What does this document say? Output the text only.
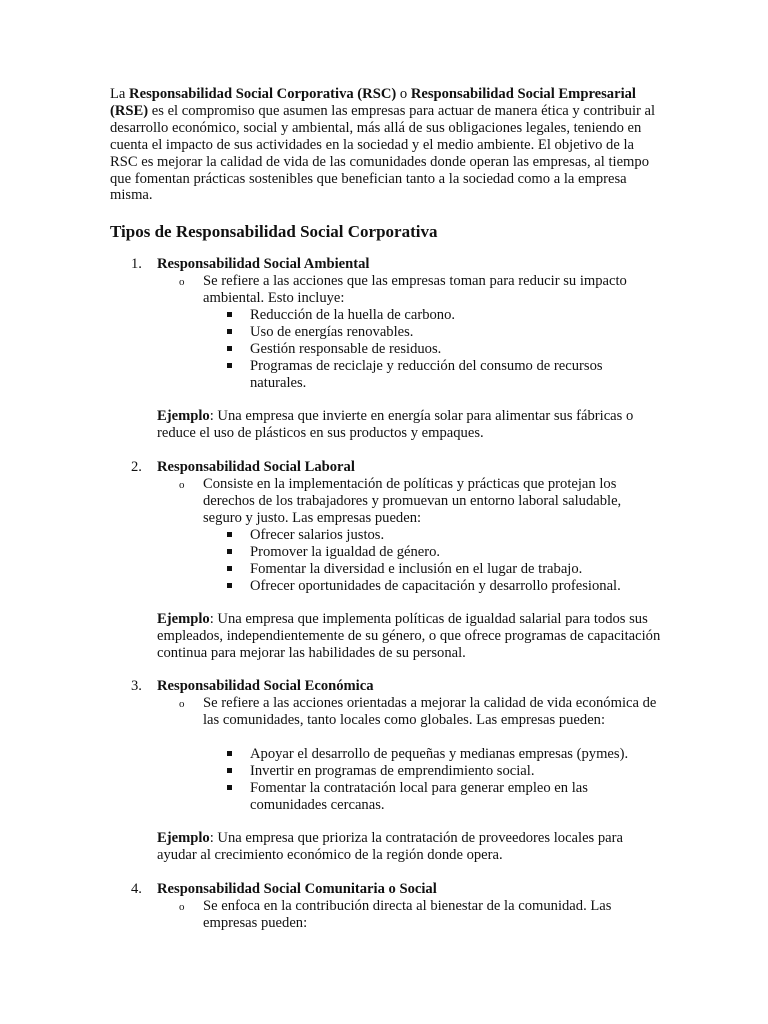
La Responsabilidad Social Corporativa (RSC) o Responsabilidad Social Empresarial (RSE) es el compromiso que asumen las empresas para actuar de manera ética y contribuir al desarrollo económico, social y ambiental, más allá de sus obligaciones legales, teniendo en cuenta el impacto de sus actividades en la sociedad y el medio ambiente. El objetivo de la RSC es mejorar la calidad de vida de las comunidades donde operan las empresas, al tiempo que fomentan prácticas sostenibles que benefician tanto a la sociedad como a la empresa misma.

Tipos de Responsabilidad Social Corporativa
1. Responsabilidad Social Ambiental
o Se refiere a las acciones que las empresas toman para reducir su impacto ambiental. Esto incluye:

Reducción de la huella de carbono.

Uso de energías renovables.

Gestión responsable de residuos.

Programas de reciclaje y reducción del consumo de recursos naturales.

Ejemplo: Una empresa que invierte en energía solar para alimentar sus fábricas o reduce el uso de plásticos en sus productos y empaques.

2. Responsabilidad Social Laboral
o Consiste en la implementación de políticas y prácticas que protejan los derechos de los trabajadores y promuevan un entorno laboral saludable, seguro y justo. Las empresas pueden:

Ofrecer salarios justos.

Promover la igualdad de género.

Fomentar la diversidad e inclusión en el lugar de trabajo.

Ofrecer oportunidades de capacitación y desarrollo profesional.

Ejemplo: Una empresa que implementa políticas de igualdad salarial para todos sus empleados, independientemente de su género, o que ofrece programas de capacitación continua para mejorar las habilidades de su personal.

3. Responsabilidad Social Económica
o Se refiere a las acciones orientadas a mejorar la calidad de vida económica de las comunidades, tanto locales como globales. Las empresas pueden:

Apoyar el desarrollo de pequeñas y medianas empresas (pymes).

Invertir en programas de emprendimiento social.

Fomentar la contratación local para generar empleo en las comunidades cercanas.

Ejemplo: Una empresa que prioriza la contratación de proveedores locales para ayudar al crecimiento económico de la región donde opera.

4. Responsabilidad Social Comunitaria o Social
o Se enfoca en la contribución directa al bienestar de la comunidad. Las empresas pueden:
